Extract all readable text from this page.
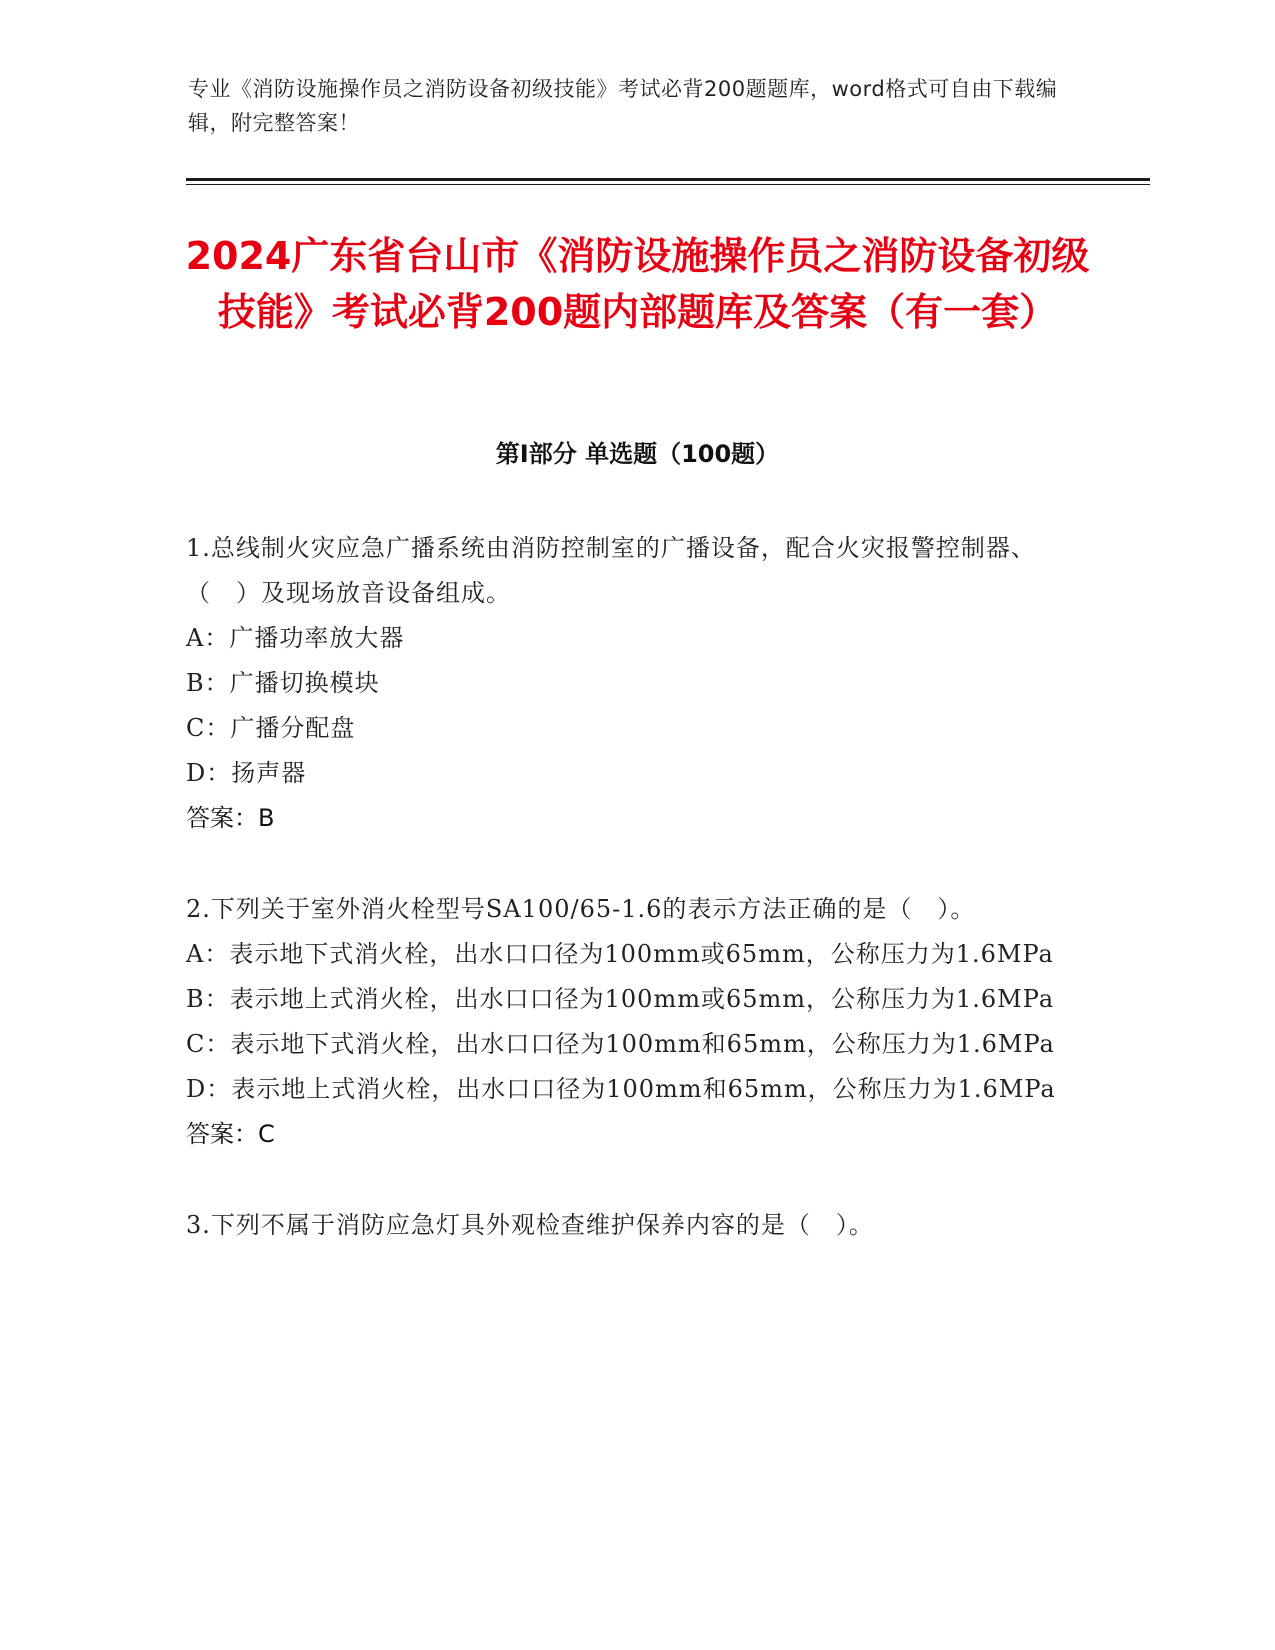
专业《消防设施操作员之消防设备初级技能》考试必背200题题库，word格式可自由下载编辑，附完整答案！
2024广东省台山市《消防设施操作员之消防设备初级技能》考试必背200题内部题库及答案（有一套）
第I部分 单选题（100题）
1.总线制火灾应急广播系统由消防控制室的广播设备，配合火灾报警控制器、（　）及现场放音设备组成。
A：广播功率放大器
B：广播切换模块
C：广播分配盘
D：扬声器
答案：B
2.下列关于室外消火栓型号SA100/65-1.6的表示方法正确的是（　）。
A：表示地下式消火栓，出水口口径为100mm或65mm，公称压力为1.6MPa
B：表示地上式消火栓，出水口口径为100mm或65mm，公称压力为1.6MPa
C：表示地下式消火栓，出水口口径为100mm和65mm，公称压力为1.6MPa
D：表示地上式消火栓，出水口口径为100mm和65mm，公称压力为1.6MPa
答案：C
3.下列不属于消防应急灯具外观检查维护保养内容的是（　）。
